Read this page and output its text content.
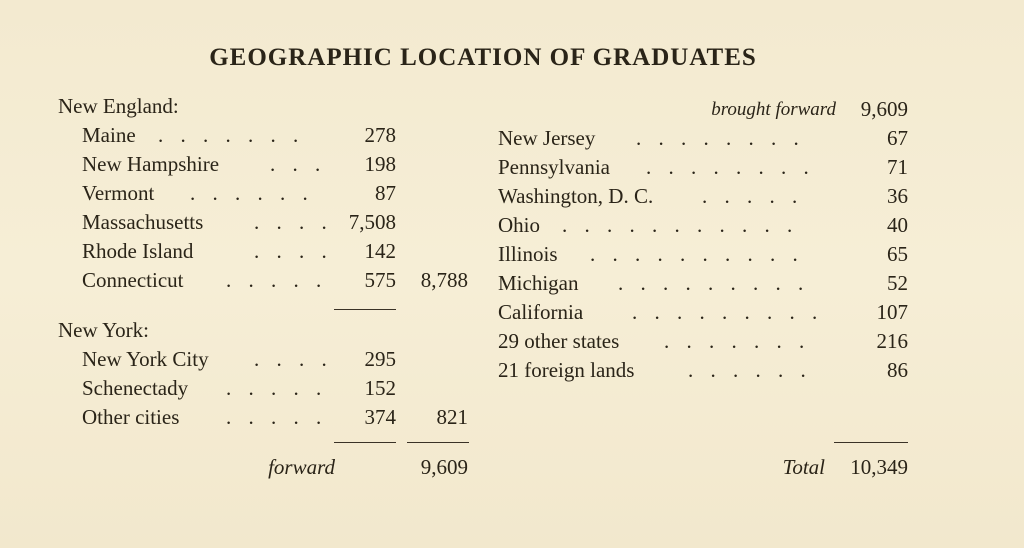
GEOGRAPHIC LOCATION OF GRADUATES
New England:
Maine . . . . . . .	278
New Hampshire . . . 198
Vermont . . . . . .	87
Massachusetts . . . . 7,508
Rhode Island	. . . . 142
Connecticut . . . . . 575 8,788
New York:
New York City . . . . 295
Schenectady . . . . . 152
Other cities . . . . . 374 821
forward	9,609
brought forward 9,609
New Jersey . . . . . . . .	67
Pennsylvania . . . . . . . .	71
Washington, D. C. . . . . .	36
Ohio . . . . . . . . . . .	40
Illinois . . . . . . . . . .	65
Michigan . . . . . . . . .	52
California . . . . . . . . .	107
29 other states . . . . . . .	216
21 foreign lands	. . . . . .	86
Total 10,349
